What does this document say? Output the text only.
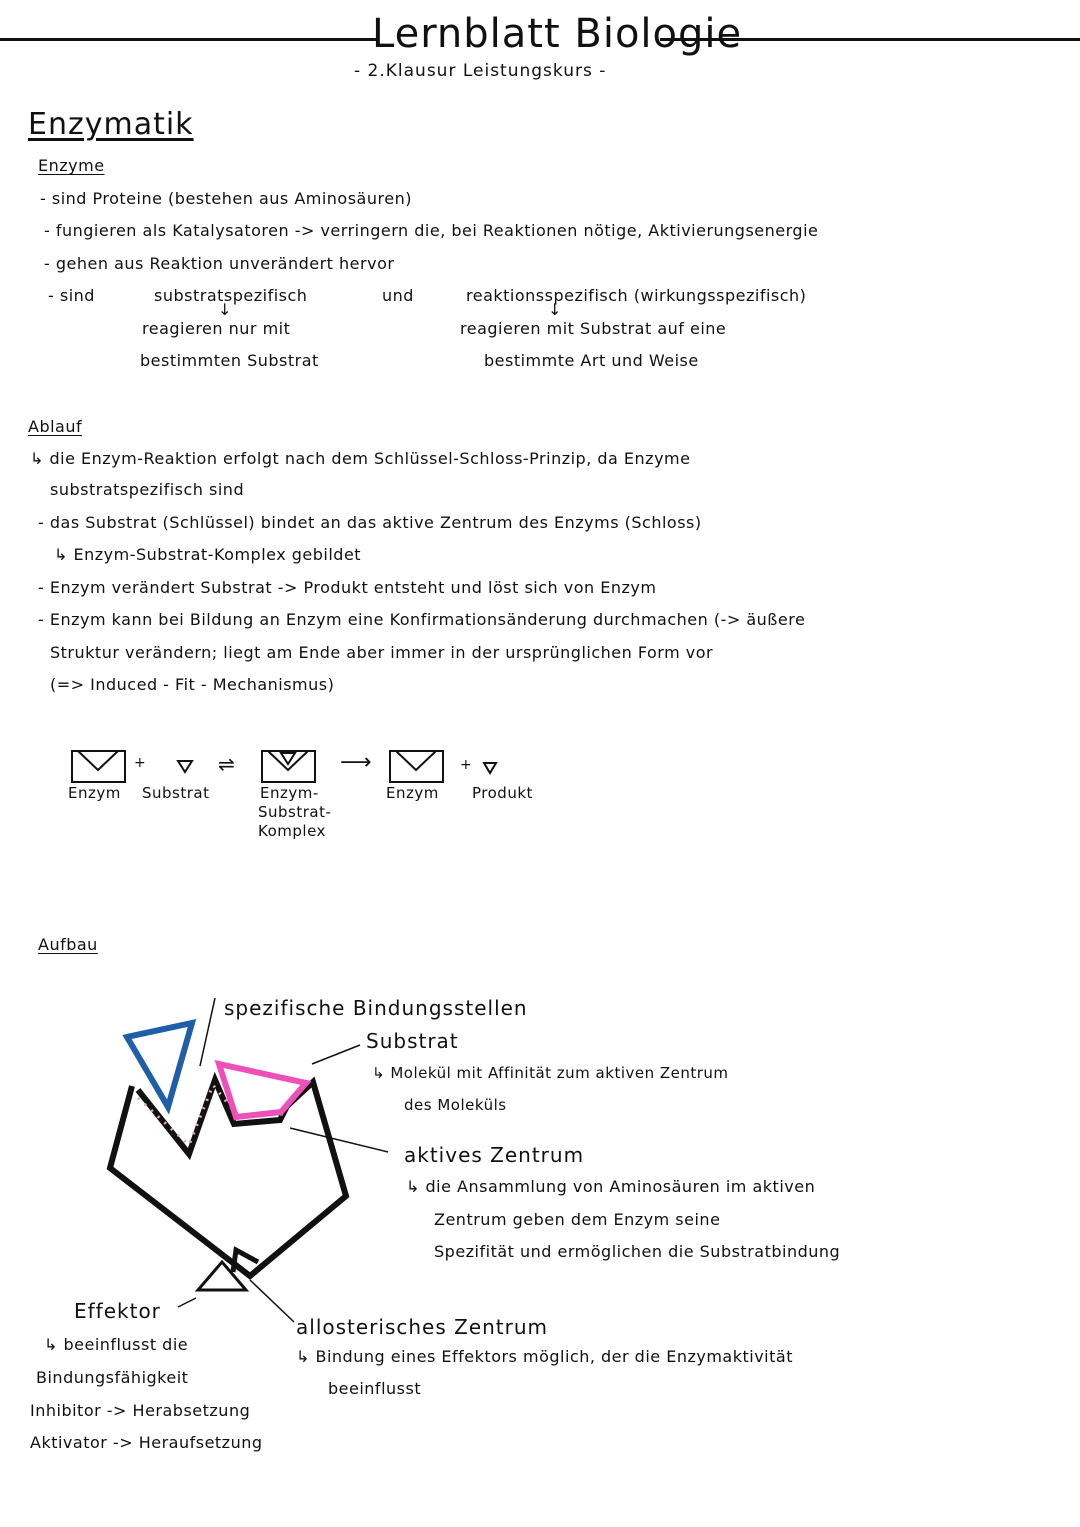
Lernblatt Biologie
- 2.Klausur Leistungskurs -
Enzymatik
Enzyme
- sind Proteine (bestehen aus Aminosäuren)
- fungieren als Katalysatoren -> verringern die, bei Reaktionen nötige, Aktivierungsenergie
- gehen aus Reaktion unverändert hervor
- sind	substratspezifisch	und	reaktionsspezifisch (wirkungsspezifisch)
↓	↓
reagieren nur mit
bestimmten Substrat
reagieren mit Substrat auf eine
bestimmte Art und Weise
Ablauf
↳ die Enzym-Reaktion erfolgt nach dem Schlüssel-Schloss-Prinzip, da Enzyme
substratspezifisch sind
- das Substrat (Schlüssel) bindet an das aktive Zentrum des Enzyms (Schloss)
↳ Enzym-Substrat-Komplex gebildet
- Enzym verändert Substrat -> Produkt entsteht und löst sich von Enzym
- Enzym kann bei Bildung an Enzym eine Konfirmationsänderung durchmachen (-> äußere
Struktur verändern; liegt am Ende aber immer in der ursprünglichen Form vor
(=> Induced - Fit - Mechanismus)
+	⇌	⟶	+
Enzym Substrat	Enzym-
Substrat-
Komplex
Enzym Produkt
Aufbau
spezifische Bindungsstellen
Substrat
↳ Molekül mit Affinität zum aktiven Zentrum
des Moleküls
aktives Zentrum
↳ die Ansammlung von Aminosäuren im aktiven
Zentrum geben dem Enzym seine
Spezifität und ermöglichen die Substratbindung
allosterisches Zentrum
↳ Bindung eines Effektors möglich, der die Enzymaktivität
beeinflusst
Effektor
↳ beeinflusst die
Bindungsfähigkeit
Inhibitor -> Herabsetzung
Aktivator -> Heraufsetzung
